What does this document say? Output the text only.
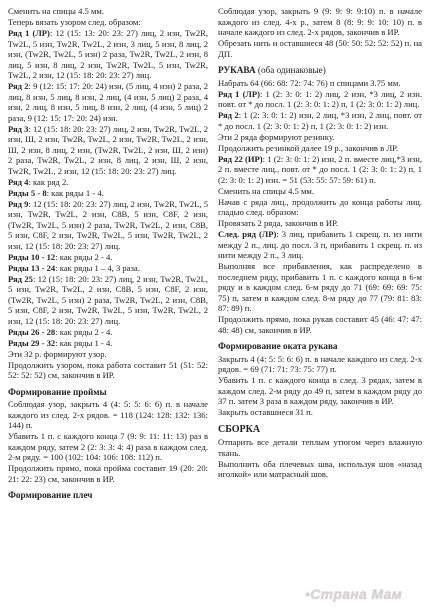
Сменить на спицы 4.5 мм.

Теперь вязать узором след. образом:

Ряд 1 (ЛР): 12 (15: 13: 20: 23: 27) лиц, 2 изн, Tw2R, Tw2L, 5 изн, Tw2R, Tw2L, 2 изн, 3 лиц, 5 изн, 8 лиц, 2 изн, (Tw2R, Tw2L, 5 изн) 2 раза, Tw2R, Tw2L, 2 изн, 8 лиц, 5 изн, 8 лиц, 2 изн, Tw2R, Tw2L, 5 изн, Tw2R, Tw2L, 2 изн, 12 (15: 18: 20: 23: 27) лиц.

Ряд 2: 9 (12: 15: 17: 20: 24) изн, (5 лиц, 4 изн) 2 раза, 2 лиц, 8 изн, 5 лиц, 8 изн, 2 лиц, (4 изн, 5 лиц) 2 раза, 4 изн, 2 лиц, 8 изн, 5 лиц, 8 изн, 2 лиц, (4 изн, 5 лиц) 2 раза, 9 (12: 15: 17: 20: 24) изн.

Ряд 3: 12 (15: 18: 20: 23: 27) лиц, 2 изн, Tw2R, Tw2L, 2 изн, Ш, 2 изн, Tw2R, Tw2L, 2 изн, Tw2R, Tw2L, 2 изн, Ш, 2 изн, 8 лиц, 2 изн, (Tw2R, Tw2L, 2 изн, Ш, 2 изн) 2 раза, Tw2R, Tw2L, 2 изн, 8 лиц, 2 изн, Ш, 2 изн, Tw2R, Tw2L, 2 изн, 12 (15: 18: 20: 23: 27) лиц.

Ряд 4: как ряд 2.

Ряды 5 - 8: как ряды 1 - 4.

Ряд 9: 12 (15: 18: 20: 23: 27) лиц, 2 изн, Tw2R, Tw2L, 5 изн, Tw2R, Tw2L, 2 изн, C8B, 5 изн, C8F, 2 изн, (Tw2R, Tw2L, 5 изн) 2 раза, Tw2R, Tw2L, 2 изн, C8B, 5 изн, C8F, 2 изн, Tw2R, Tw2L, 5 изн, Tw2R, Tw2L, 2 изн, 12 (15: 18: 20: 23: 27) лиц.

Ряды 10 - 12: как ряды 2 - 4.

Ряды 13 - 24: как ряды 1 – 4, 3 раза.

Ряд 25: 12 (15: 18: 20: 23: 27) лиц, 2 изн, Tw2R, Tw2L, 5 изн, Tw2R, Tw2L, 2 изн, C8B, 5 изн, C8F, 2 изн, (Tw2R, Tw2L, 5 изн) 2 раза, Tw2R, Tw2L, 2 изн, C8B, 5 изн, C8F, 2 изн, Tw2R, Tw2L, 5 изн, Tw2R, Tw2L, 2 изн, 12 (15: 18: 20: 23: 27) лиц.

Ряды 26 - 28: как ряды 2 - 4.

Ряды 29 - 32: как ряды 1 - 4.

Эти 32 р. формируют узор.

Продолжить узором, пока работа составит 51 (51: 52: 52: 52: 52) см, закончив в ИР.

Формирование проймы

Соблюдая узор, закрыть 4 (4: 5: 5: 6: 6) п. в начале каждого из след. 2-х рядов. = 118 (124: 128: 132: 136: 144) п.

Убавить 1 п. с каждого конца 7 (9: 9: 11: 11: 13) раз в каждом ряду, затем 2 (2: 3: 3: 4: 4) раза в каждом след. 2-м ряду. = 100 (102: 104: 106: 108: 112) п.

Продолжить прямо, пока пройма составит 19 (20: 20: 21: 22: 23) см, закончив в ИР.

Формирование плеч

Соблюдая узор, закрыть 9 (9: 9: 9: 9:10) п. в начале каждого из след. 4-х р., затем 8 (8: 9: 9: 10: 10) п. в начале каждого из след. 2-х рядов, закончив в ИР.

Обрезать нить и оставшиеся 48 (50: 50: 52: 52: 52) п. на ДП.

РУКАВА (оба одинаковые)

Набрать 64 (66: 68: 72: 74: 76) п спицами 3.75 мм.

Ряд 1 (ЛР): 1 (2: 3: 0: 1: 2) лиц, 2 изн, *3 лиц, 2 изн. повт. от * до посл. 1 (2: 3: 0: 1: 2) п, 1 (2: 3: 0: 1: 2) лиц.

Ряд 2: 1 (2: 3: 0: 1: 2) изн, 2 лиц, *3 изн, 2 лиц, повт. от * до посл. 1 (2: 3: 0: 1: 2) п, 1 (2: 3: 0: 1: 2) изн.

Эти 2 ряда формируют резинку.

Продолжить резинкой далее 19 р., закончив в ЛР.

Ряд 22 (ИР): 1 (2: 3: 0: 1: 2) изн, 2 п. вместе лиц,*3 изн, 2 п. вместе лиц., повт. от * до посл. 1 (2: 3: 0: 1: 2) п, 1 (2: 3: 0: 1: 2) изн. = 51 (53: 55: 57: 59: 61) п.

Сменить на спицы 4.5 мм.

Начав с ряда лиц., продолжить до конца работы лиц. гладью след. образом:

Провязать 2 ряда, закончив в ИР.

След. ряд (ЛР): 3 лиц, прибавить 1 скрещ. п. из нити между 2 п., лиц. до посл. 3 п, прибавить 1 скрещ. п. из нити между 2 п., 3 лиц.

Выполняя все прибавления, как распределено в последнем ряду, прибавить 1 п. с каждого конца в 6-м ряду и в каждом след. 6-м ряду до 71 (69: 69: 69: 75: 75) п, затем в каждом след. 8-м ряду до 77 (79: 81: 83: 87: 89) п.

Продолжить прямо, пока рукав составит 45 (46: 47: 47: 48: 48) см, закончив в ИР.

Формирование оката рукава

Закрыть 4 (4: 5: 5: 6: 6) п. в начале каждого из след. 2-х рядов. = 69 (71: 71: 73: 75: 77) п.

Убавить 1 п. с каждого конца в след. 3 рядах, затем в каждом след. 2-м ряду до 49 п, затем в каждом ряду до 37 п. затем 3 раза в каждом ряду, закончив в ИР.

Закрыть оставшиеся 31 п.

СБОРКА

Отпарить все детали теплым утюгом через влажную ткань.

Выполнить оба плечевых шва, используя шов «назад иголкой» или матрасный шов.

•Страна Мам
